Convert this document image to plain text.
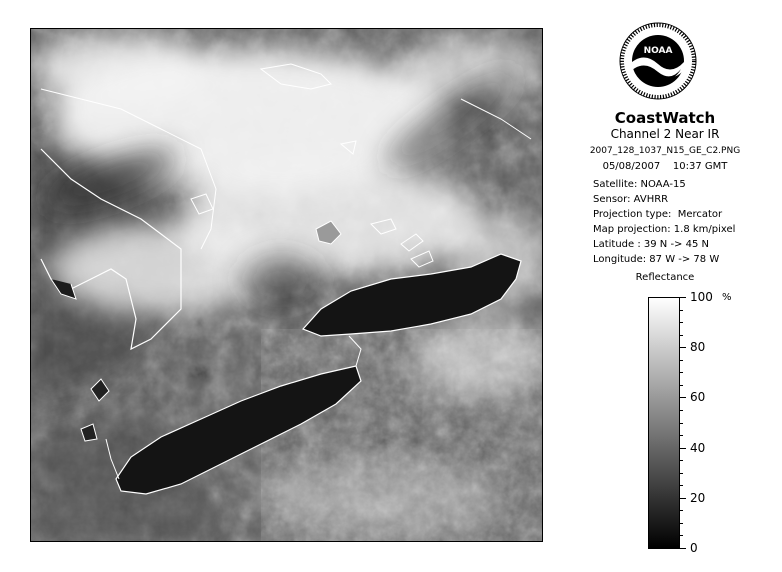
NOAA
CoastWatch
Channel 2 Near IR
2007_128_1037_N15_GE_C2.PNG
05/08/2007    10:37 GMT
Satellite: NOAA-15
Sensor: AVHRR
Projection type:  Mercator
Map projection: 1.8 km/pixel
Latitude : 39 N -> 45 N
Longitude: 87 W -> 78 W
Reflectance
%
100
80
60
40
20
0
